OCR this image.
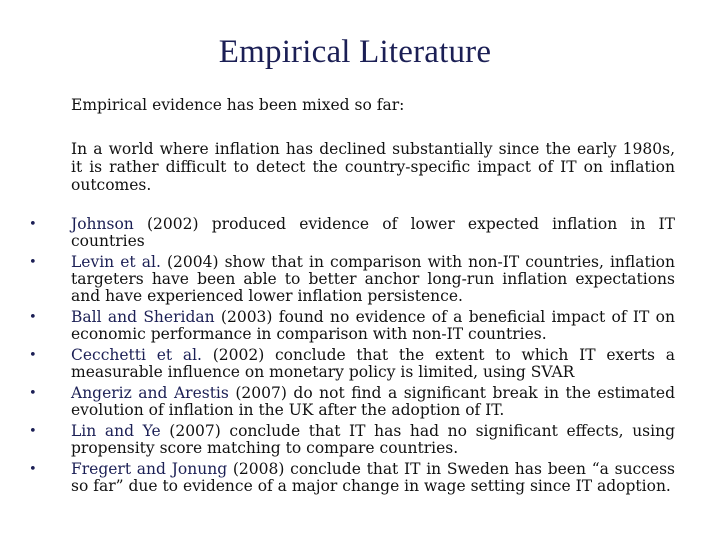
Empirical Literature

Empirical evidence has been mixed so far:

In a world where inflation has declined substantially since the early 1980s, it is rather difficult to detect the country-specific impact of IT on inflation outcomes.

• Johnson (2002) produced evidence of lower expected inflation in IT countries
• Levin et al. (2004) show that in comparison with non-IT countries, inflation targeters have been able to better anchor long-run inflation expectations and have experienced lower inflation persistence.
• Ball and Sheridan (2003) found no evidence of a beneficial impact of IT on economic performance in comparison with non-IT countries.
• Cecchetti et al. (2002) conclude that the extent to which IT exerts a measurable influence on monetary policy is limited, using SVAR
• Angeriz and Arestis (2007) do not find a significant break in the estimated evolution of inflation in the UK after the adoption of IT.
• Lin and Ye (2007) conclude that IT has had no significant effects, using propensity score matching to compare countries.
• Fregert and Jonung (2008) conclude that IT in Sweden has been “a success so far” due to evidence of a major change in wage setting since IT adoption.
